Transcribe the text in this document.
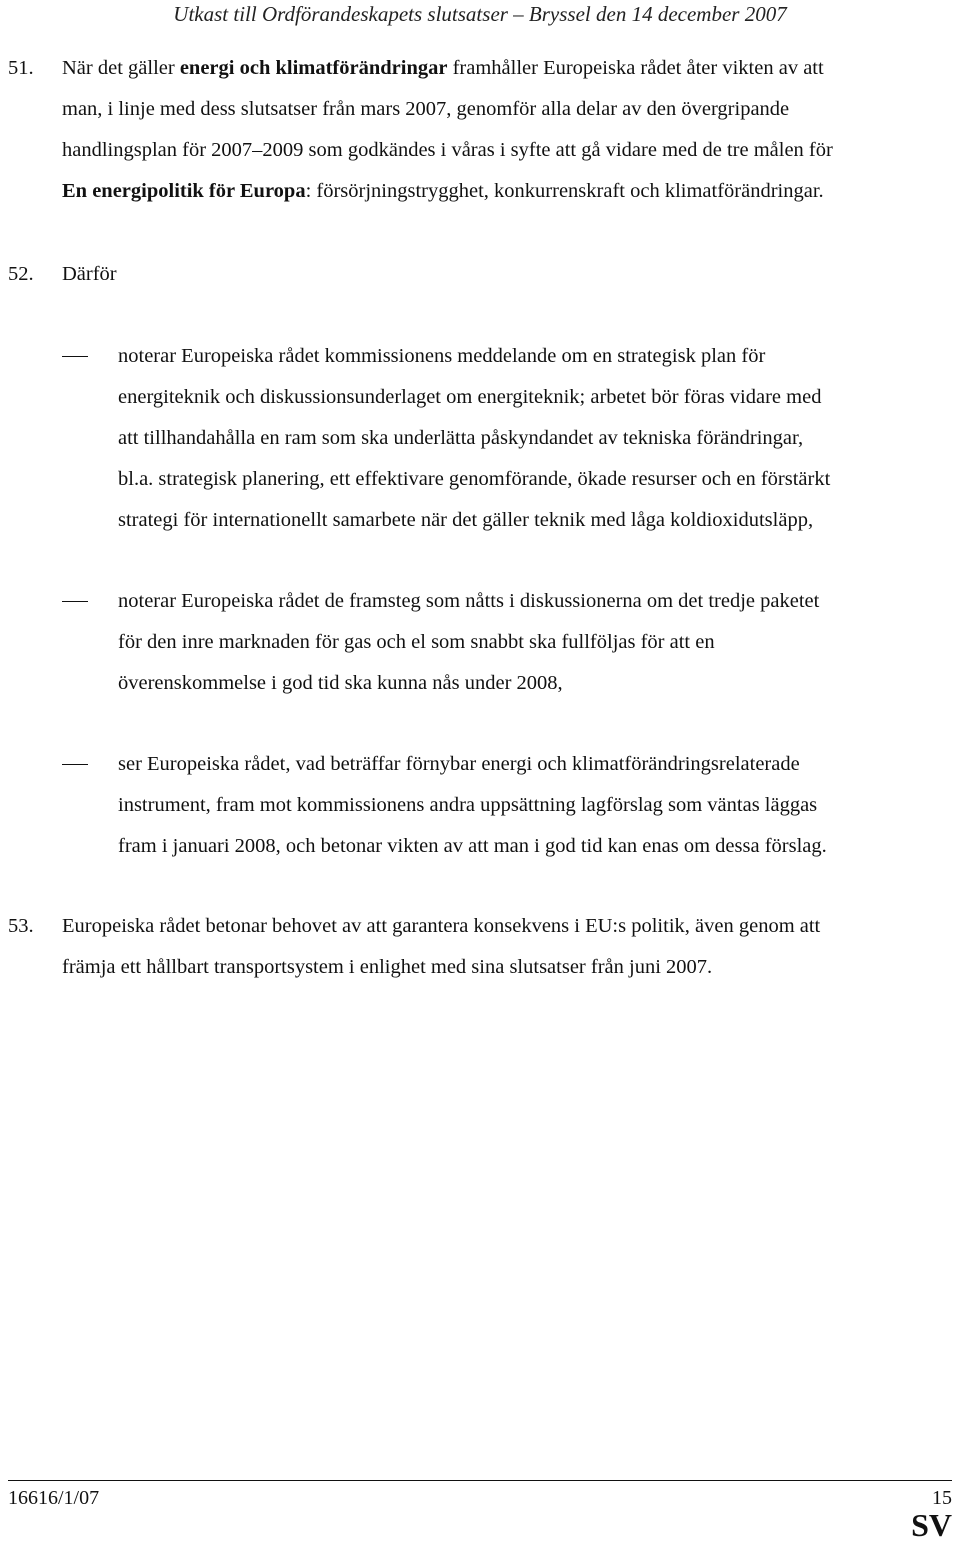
Utkast till Ordförandeskapets slutsatser – Bryssel den 14 december 2007
51. När det gäller energi och klimatförändringar framhåller Europeiska rådet åter vikten av att
man, i linje med dess slutsatser från mars 2007, genomför alla delar av den övergripande
handlingsplan för 2007–2009 som godkändes i våras i syfte att gå vidare med de tre målen för
En energipolitik för Europa: försörjningstrygghet, konkurrenskraft och klimatförändringar.
52. Därför
noterar Europeiska rådet kommissionens meddelande om en strategisk plan för
energiteknik och diskussionsunderlaget om energiteknik; arbetet bör föras vidare med
att tillhandahålla en ram som ska underlätta påskyndandet av tekniska förändringar,
bl.a. strategisk planering, ett effektivare genomförande, ökade resurser och en förstärkt
strategi för internationellt samarbete när det gäller teknik med låga koldioxidutsläpp,
noterar Europeiska rådet de framsteg som nåtts i diskussionerna om det tredje paketet
för den inre marknaden för gas och el som snabbt ska fullföljas för att en
överenskommelse i god tid ska kunna nås under 2008,
ser Europeiska rådet, vad beträffar förnybar energi och klimatförändringsrelaterade
instrument, fram mot kommissionens andra uppsättning lagförslag som väntas läggas
fram i januari 2008, och betonar vikten av att man i god tid kan enas om dessa förslag.
53. Europeiska rådet betonar behovet av att garantera konsekvens i EU:s politik, även genom att
främja ett hållbart transportsystem i enlighet med sina slutsatser från juni 2007.
16616/1/07	15
SV
